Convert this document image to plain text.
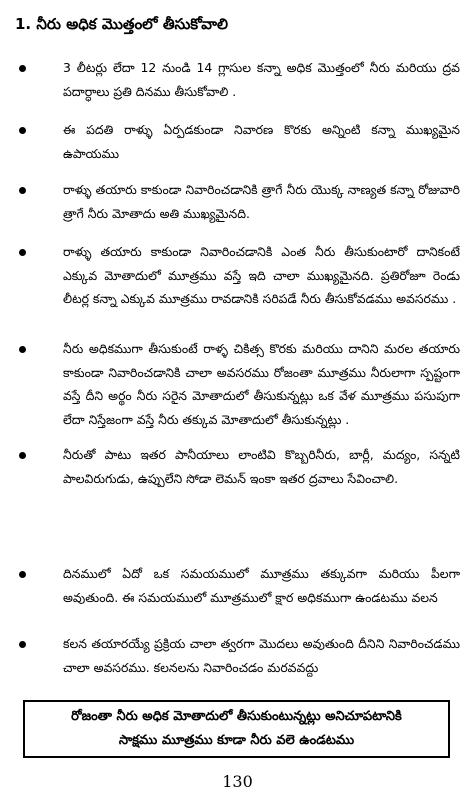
1. నీరు అధిక మొత్తంలో తీసుకోవాలి
3 లీటర్లు లేదా 12 నుండి 14 గ్లాసుల కన్నా అధిక మొత్తంలో నీరు మరియు ద్రవ పదార్ధాలు ప్రతి దినము తీసుకోవాలి .
ఈ పదతి రాళ్ళు ఏర్పడకుండా నివారణ కొరకు అన్నింటి కన్నా ముఖ్యమైన ఉపాయము
రాళ్ళు తయారు కాకుండా నివారించడానికి త్రాగే నీరు యొక్క నాణ్యత కన్నా రోజువారి త్రాగే నీరు మోతాదు అతి ముఖ్యమైనది.
రాళ్ళు తయారు కాకుండా నివారించడానికి ఎంత నీరు తీసుకుంటారో దానికంటే ఎక్కువ మోతాదులో మూత్రము వస్తే ఇది చాలా ముఖ్యమైనది. ప్రతిరోజూ రెండు లీటర్ల కన్నా ఎక్కువ మూత్రము రావడానికి సరిపడే నీరు తీసుకోవడము అవసరము .
నీరు అధికముగా తీసుకుంటే రాళ్ళ చికిత్స కొరకు మరియు దానిని మరల తయారు కాకుండా నివారించడానికి చాలా అవసరము రోజంతా మూత్రము నీరులాగా స్పష్టంగా వస్తే దీని అర్థం నీరు సరైన మోతాదులో తీసుకున్నట్లు ఒక వేళ మూత్రము పసుపుగా లేదా నిస్తేజంగా వస్తే నీరు తక్కువ మోతాదులో తీసుకున్నట్లు .
నీరుతో పాటు ఇతర పానీయాలు లాంటివి కొబ్బరినీరు, బార్లీ, మద్యం, సన్నటి పాలవిరుగుడు, ఉప్పులేని సోడా లెమన్ ఇంకా ఇతర ద్రవాలు సేవించాలి.
దినములో ఏదో ఒక సమయములో మూత్రము తక్కువగా మరియు పీలగా అవుతుంది. ఈ సమయములో మూత్రములో క్షార అధికముగా ఉండటము వలన
కలన తయారయ్యే ప్రక్రియ చాలా త్వరగా మొదలు అవుతుంది దీనిని నివారించడము చాలా అవసరము. కలనలను నివారించడం మరవవద్దు
రోజంతా నీరు అధిక మోతాదులో తీసుకుంటున్నట్లు అనిచూపటానికి
సాక్షము మూత్రము కూడా నీరు వలె ఉండటము
130
